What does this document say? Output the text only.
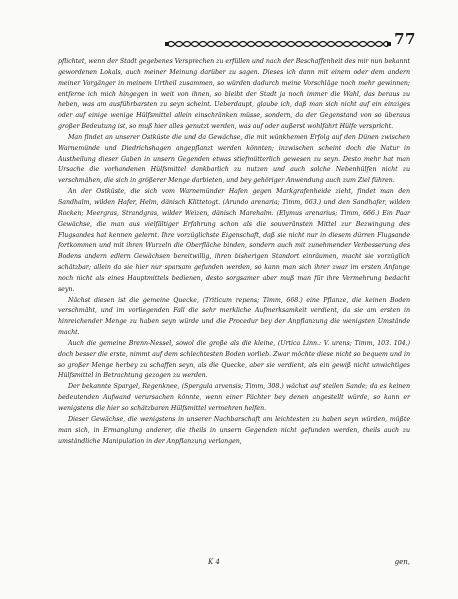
77

pflichtet, wenn der Stadt gegebenes Versprechen zu erfüllen und nach der Beschaffenheit des mir nun bekannt gewordenen Lokals, auch meiner Meinung darüber zu sagen. Dieses ich dann mit einem oder dem andern meiner Vorgänger in meinem Urtheil zusammen, so würden dadurch meine Vorschläge noch mehr gewinnen; entferne ich mich hingegen in weit von ihnen, so bleibt der Stadt ja noch immer die Wahl, das beraus zu heben, was am ausführbarsten zu seyn scheint. Ueberdaupt, glaube ich, daß man sich nicht auf ein einziges oder auf einige wenige Hülfsmittel allein einschränken müsse, sondern, da der Gegenstand von so überaus großer Bedeutung ist, so muß hier alles genutzt werden, was auf oder außerst wohlfahrt Hülfe verspricht.

Man findet an unserer Ostküste die und da Gewächse, die mit wünkhemen Erfolg auf den Dünen zwischen Warnemünde und Diedrichshagen angepflanzt werden könnten; inzwischen scheint doch die Natur in Austheilung dieser Gaben in unsern Gegenden etwas stiefmütterlich gewesen zu seyn. Desto mehr hat man Ursache die vorhandenen Hülfsmittel dankbarlich zu nutzen und auch solche Nebenhülfen nicht zu verschmähen, die sich in größerer Menge darbieten, und bey gehöriger Anwendung auch zum Ziel führen.

An der Ostküste, die sich vom Warnemünder Hafen gegen Markgrafenheide zieht, findet man den Sandhalm, wilden Hafer, Helm, dänisch Klittetogt. (Arundo arenaria; Timm, 663.) und den Sandhafer, wilden Rocken; Meergras, Strandgras, wilder Weizen, dänisch Marehalm. (Elymus arenarius; Timm, 666.) Ein Paar Gewächse, die man aus vielfältiger Erfahrung schon als die souveränsten Mittel zur Bezwingung des Flugsandes hat kennen gelernt. Ihre vorzüglichste Eigenschaft, daß sie nicht nur in diesem dürren Flugsande fortkommen und mit ihren Wurzeln die Oberfläche binden, sondern auch mit zunehmender Verbesserung des Bodens andern edlern Gewächsen bereitwillig, ihren bisherigen Standort einräumen, macht sie vorzüglich schätzbar; allein da sie hier nur sparsam gefunden werden, so kann man sich ihrer zwar im ersten Anfange noch nicht als eines Hauptmittels bedienen, desto sorgsamer aber muß man für ihre Vermehrung bedacht seyn.

Nächst diesen ist die gemeine Quecke, (Triticum repens; Timm, 668.) eine Pflanze, die keinen Boden verschmäht, und im vorliegenden Fall die sehr merkliche Aufmerksamkeit verdient, da sie am ersten in hinreichender Menge zu haben seyn würde und die Procedur bey der Anpflanzung die wenigsten Umstände macht.

Auch die gemeine Brenn-Nessel, sowol die große als die kleine, (Urtica Linn.: V. urens; Timm, 103. 104.) doch besser die erste, nimmt auf dem schlechtesten Boden vorlieb. Zwar möchte diese nicht so bequem und in so großer Menge herbey zu schaffen seyn, als die Quecke, aber sie verdient, als ein gewiß nicht unwichtiges Hülfsmittel in Betrachtung gezogen zu werden.

Der bekannte Spargel, Regenknee, (Spergula arvensis; Timm, 308.) wächst auf steilen Sande; da es keinen bedeutenden Aufwand verursachen könnte, wenn einer Pächter bey denen angestellt würde, so kann er wenigstens die hier so schätzbaren Hülfsmittel vermehren helfen.

Dieser Gewächse, die wenigstens in unserer Nachbarschaft am leichtesten zu haben seyn würden, müßte man sich, in Ermanglung anderer, die theils in unsern Gegenden nicht gefunden werden, theils auch zu umständliche Manipulation in der Anpflanzung verlangen,

K 4	gen,
